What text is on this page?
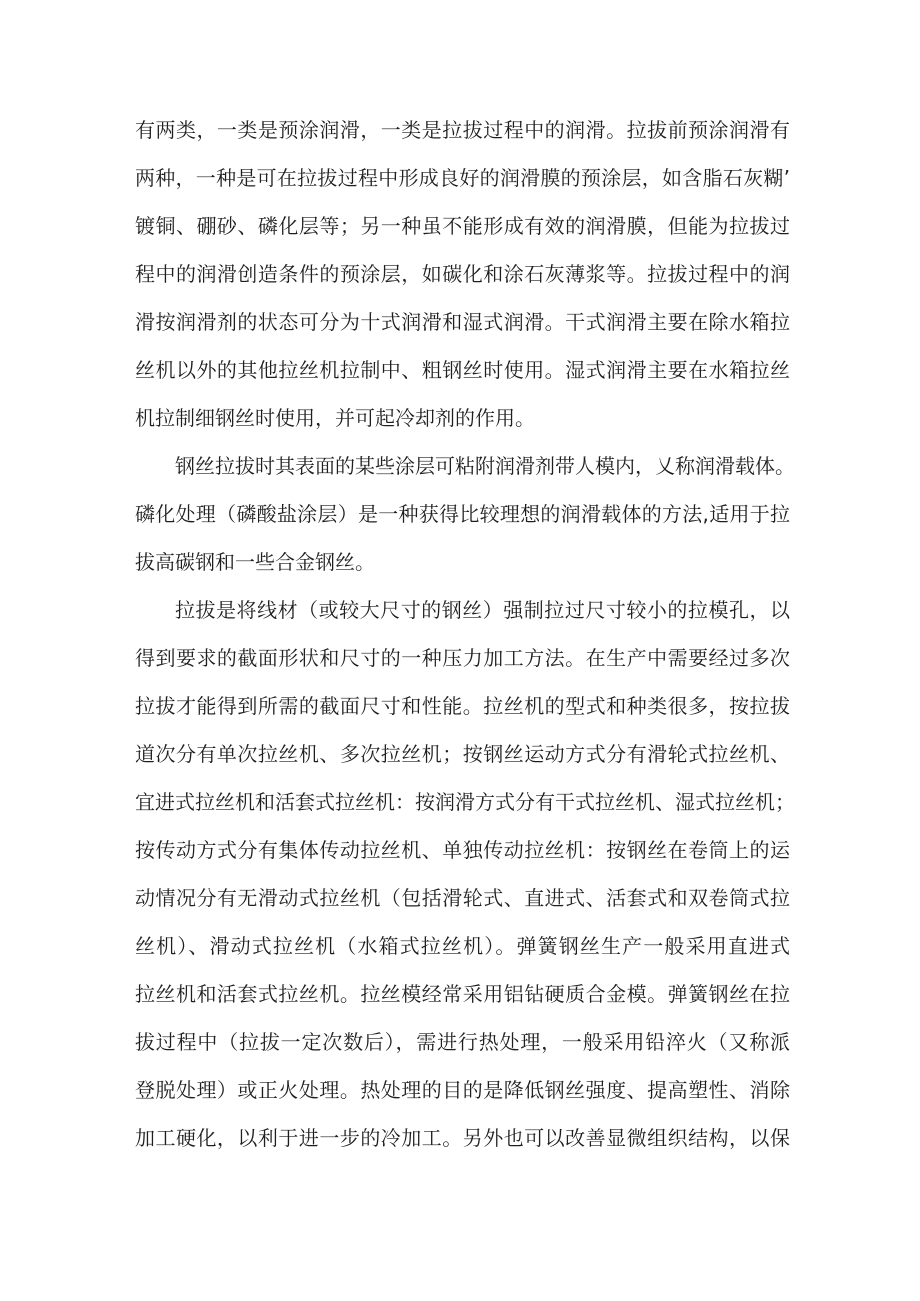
有两类，一类是预涂润滑，一类是拉拔过程中的润滑。拉拔前预涂润滑有
两种，一种是可在拉拔过程中形成良好的润滑膜的预涂层，如含脂石灰糊’
镀铜、硼砂、磷化层等；另一种虽不能形成有效的润滑膜，但能为拉拔过
程中的润滑创造条件的预涂层，如碳化和涂石灰薄浆等。拉拔过程中的润
滑按润滑剂的状态可分为十式润滑和湿式润滑。干式润滑主要在除水箱拉
丝机以外的其他拉丝机拉制中、粗钢丝时使用。湿式润滑主要在水箱拉丝
机拉制细钢丝时使用，并可起冷却剂的作用。
钢丝拉拔时其表面的某些涂层可粘附润滑剂带人模内，乂称润滑载体。
磷化处理（磷酸盐涂层）是一种获得比较理想的润滑载体的方法,适用于拉
拔高碳钢和一些合金钢丝。
拉拔是将线材（或较大尺寸的钢丝）强制拉过尺寸较小的拉模孔，以
得到要求的截面形状和尺寸的一种压力加工方法。在生产中需要经过多次
拉拔才能得到所需的截面尺寸和性能。拉丝机的型式和种类很多，按拉拔
道次分有单次拉丝机、多次拉丝机；按钢丝运动方式分有滑轮式拉丝机、
宜进式拉丝机和活套式拉丝机：按润滑方式分有干式拉丝机、湿式拉丝机；
按传动方式分有集体传动拉丝机、单独传动拉丝机：按钢丝在卷筒上的运
动情况分有无滑动式拉丝机（包括滑轮式、直进式、活套式和双卷筒式拉
丝机）、滑动式拉丝机（水箱式拉丝机）。弹簧钢丝生产一般采用直进式
拉丝机和活套式拉丝机。拉丝模经常采用铝钻硬质合金模。弹簧钢丝在拉
拔过程中（拉拔一定次数后），需进行热处理，一般采用铅淬火（又称派
登脱处理）或正火处理。热处理的目的是降低钢丝强度、提高塑性、消除
加工硬化，以利于进一步的冷加工。另外也可以改善显微组织结构，以保
